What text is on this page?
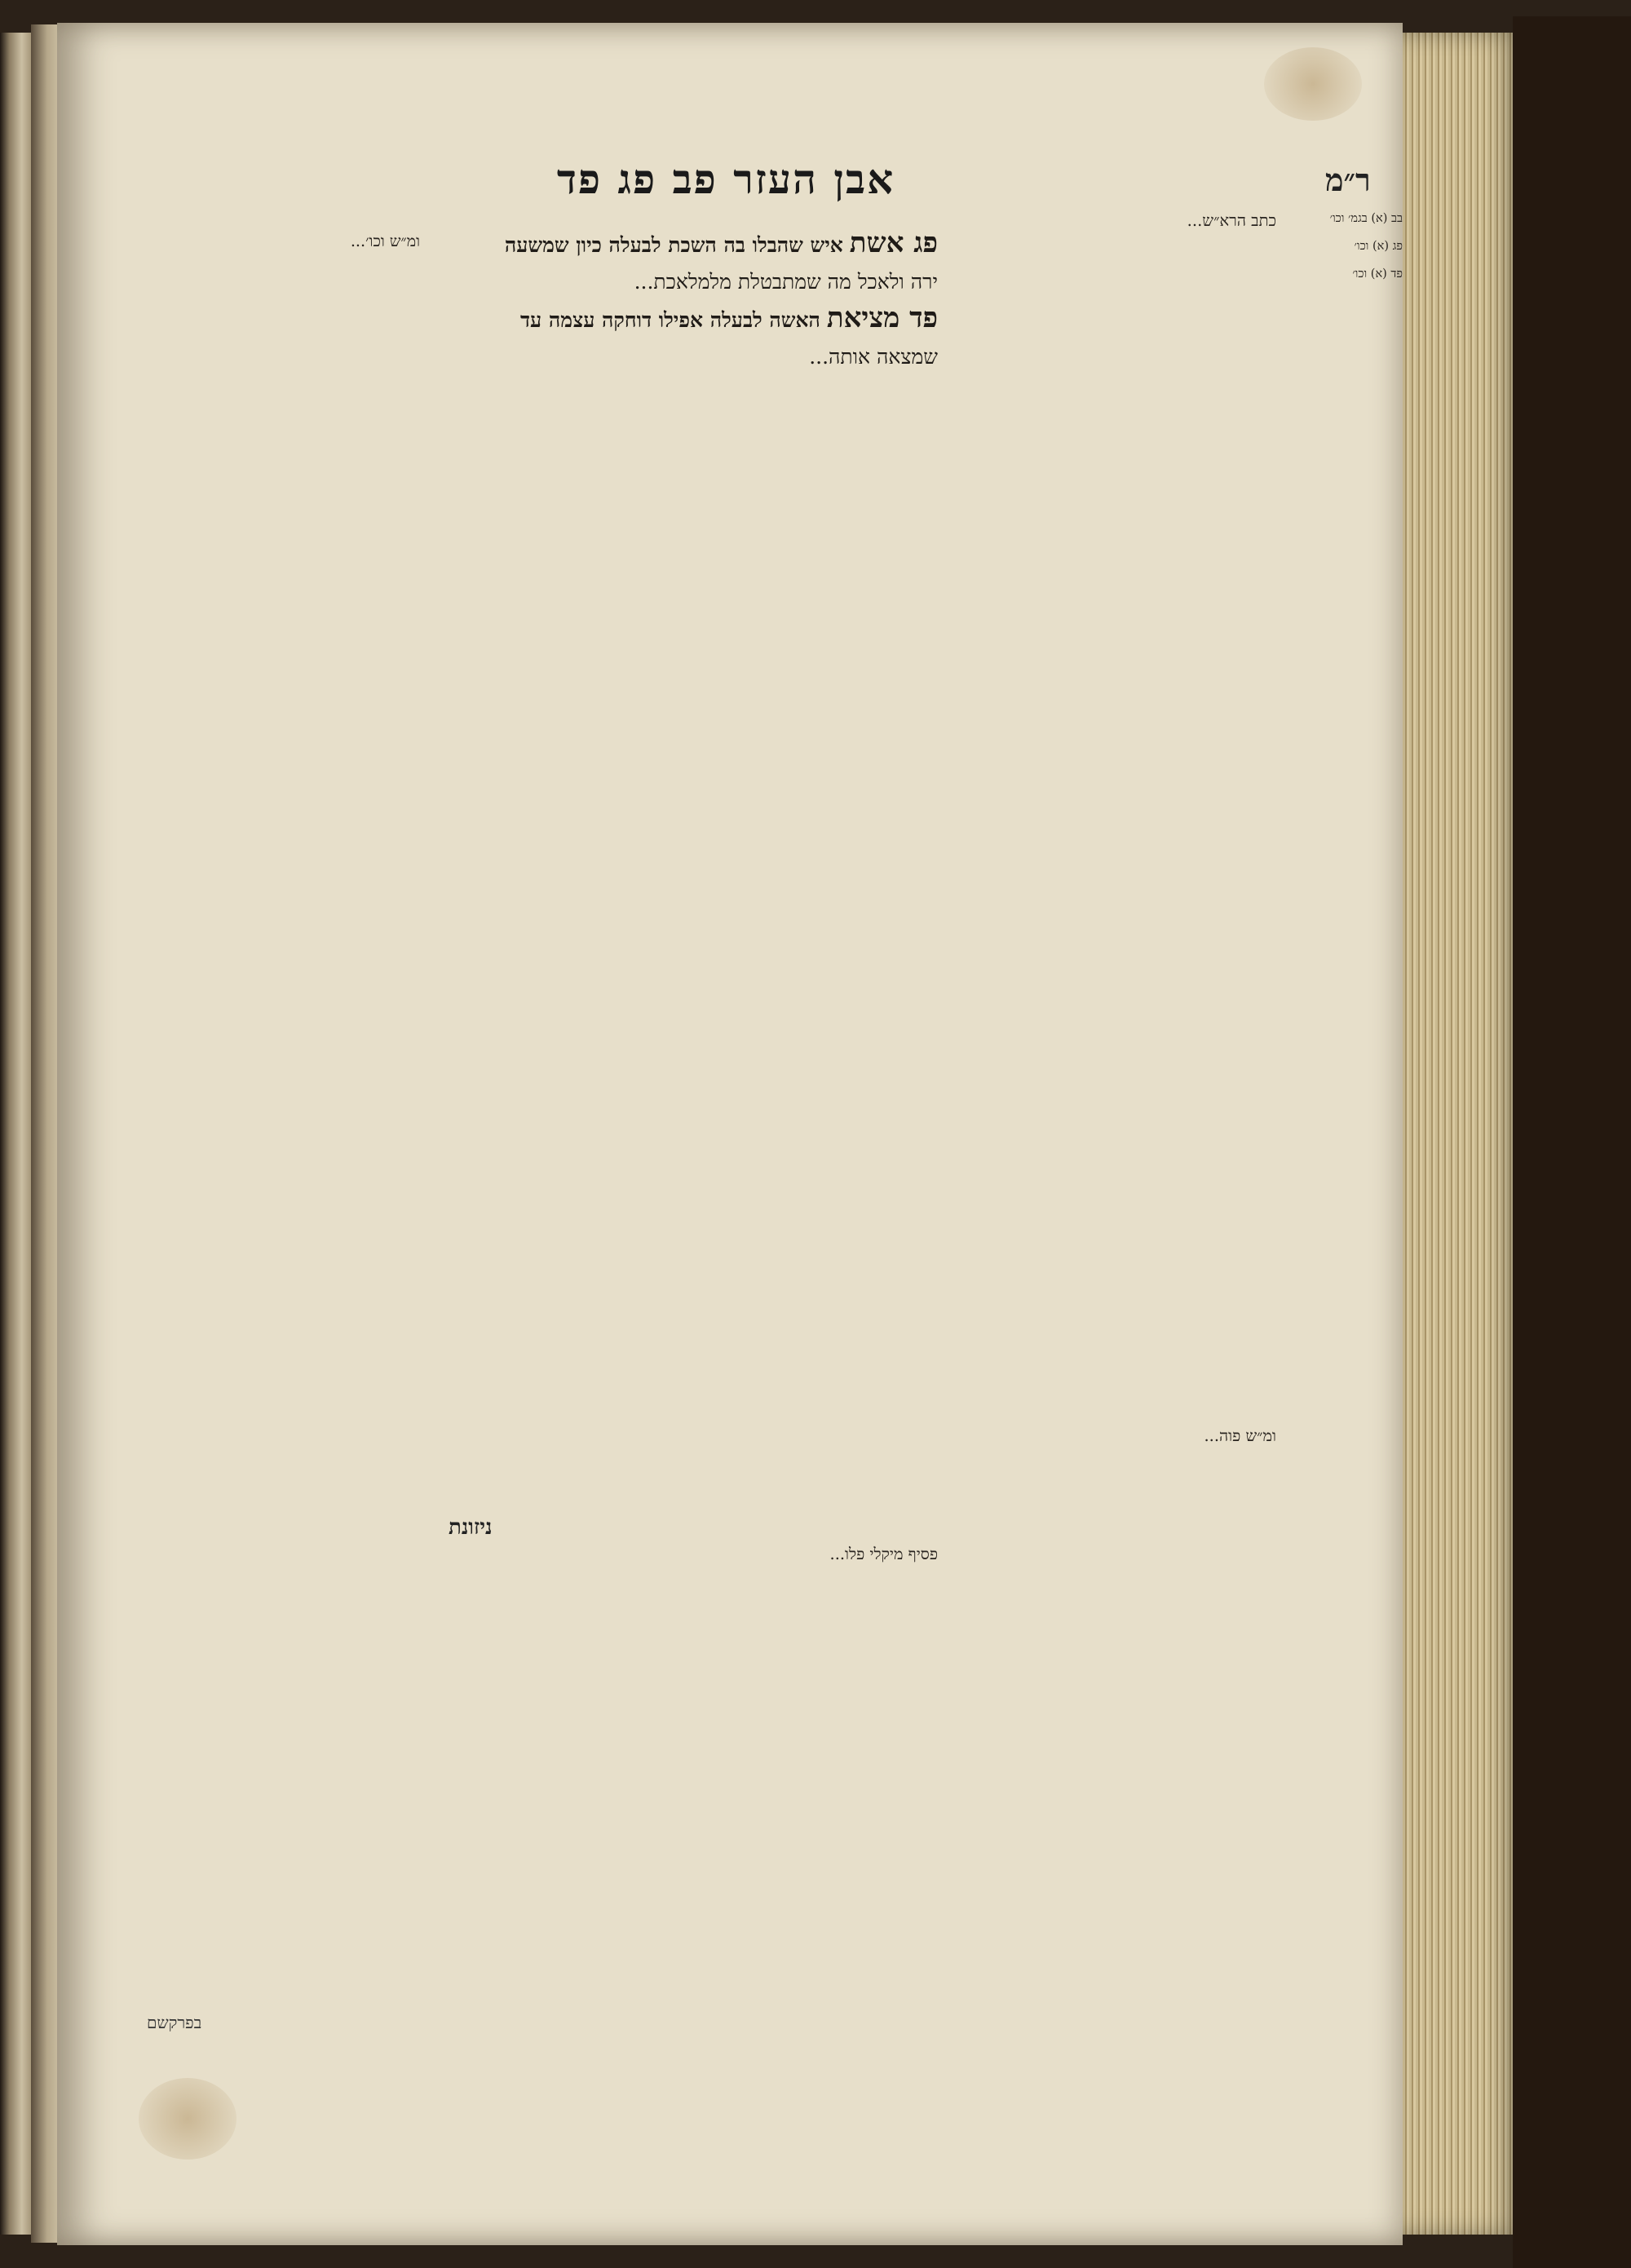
ר״מ
אבן העזר פב פג פד

בב (א) בגמ׳ וכו׳

פג (א) וכו׳

פד (א) וכו׳

כתב הרא״ש...

פג אשת איש שהבלו בה השכת לבעלה כיון שמשעה

ירה ולאכל מה שמתבטלת מלמלאכת...

פד מציאת האשה לבעלה אפילו דוחקה עצמה עד

שמצאה אותה...

ומ״ש וכו׳...

ניזונת

פסיף מיקלי פלו...

ומ״ש פוה...

בפרקשם
